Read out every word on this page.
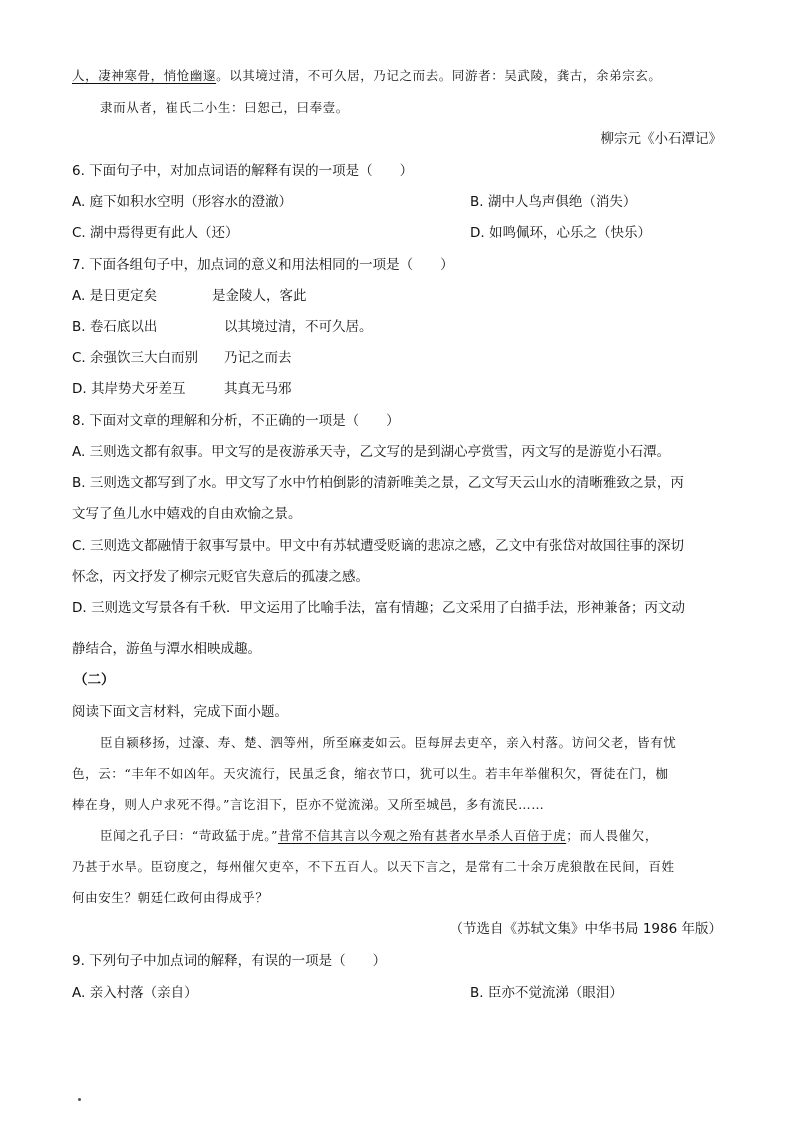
人，凄神寒骨，悄怆幽邃。以其境过清，不可久居，乃记之而去。同游者：吴武陵，龚古，余弟宗玄。
隶而从者，崔氏二小生：曰恕己，曰奉壹。
柳宗元《小石潭记》
6. 下面句子中，对加点词语的解释有误的一项是（　　）
A. 庭下如积水空明（形容水的澄澈）	B. 湖中人鸟声俱绝（消失）
C. 湖中焉得更有此人（还）	D. 如鸣佩环，心乐之（快乐）
7. 下面各组句子中，加点词的意义和用法相同的一项是（　　）
A. 是日更定矣	是金陵人，客此
B. 卷石底以出	以其境过清，不可久居。
C. 余强饮三大白而别 乃记之而去
D. 其岸势犬牙差互	其真无马邪
8. 下面对文章的理解和分析，不正确的一项是（　　）
A. 三则选文都有叙事。甲文写的是夜游承天寺，乙文写的是到湖心亭赏雪，丙文写的是游览小石潭。
B. 三则选文都写到了水。甲文写了水中竹柏倒影的清新唯美之景，乙文写天云山水的清晰雅致之景，丙
文写了鱼儿水中嬉戏的自由欢愉之景。
C. 三则选文都融情于叙事写景中。甲文中有苏轼遭受贬谪的悲凉之感，乙文中有张岱对故国往事的深切
怀念，丙文抒发了柳宗元贬官失意后的孤凄之感。
D. 三则选文写景各有千秋．甲文运用了比喻手法，富有情趣；乙文采用了白描手法，形神兼备；丙文动
静结合，游鱼与潭水相映成趣。
（二）
阅读下面文言材料，完成下面小题。
臣自颍移扬，过濠、寿、楚、泗等州，所至麻麦如云。臣每屏去吏卒，亲入村落。访问父老，皆有忧
色，云：“丰年不如凶年。天灾流行，民虽乏食，缩衣节口，犹可以生。若丰年举催积欠，胥徒在门，枷
棒在身，则人户求死不得。”言讫泪下，臣亦不觉流涕。又所至城邑，多有流民……
臣闻之孔子曰：“苛政猛于虎。”昔常不信其言以今观之殆有甚者水旱杀人百倍于虎；而人畏催欠，
乃甚于水旱。臣窃度之，每州催欠吏卒，不下五百人。以天下言之，是常有二十余万虎狼散在民间，百姓
何由安生？朝廷仁政何由得成乎？
（节选自《苏轼文集》中华书局 1986 年版）
9. 下列句子中加点词的解释，有误的一项是（　　）
A. 亲入村落（亲自）	B. 臣亦不觉流涕（眼泪）
